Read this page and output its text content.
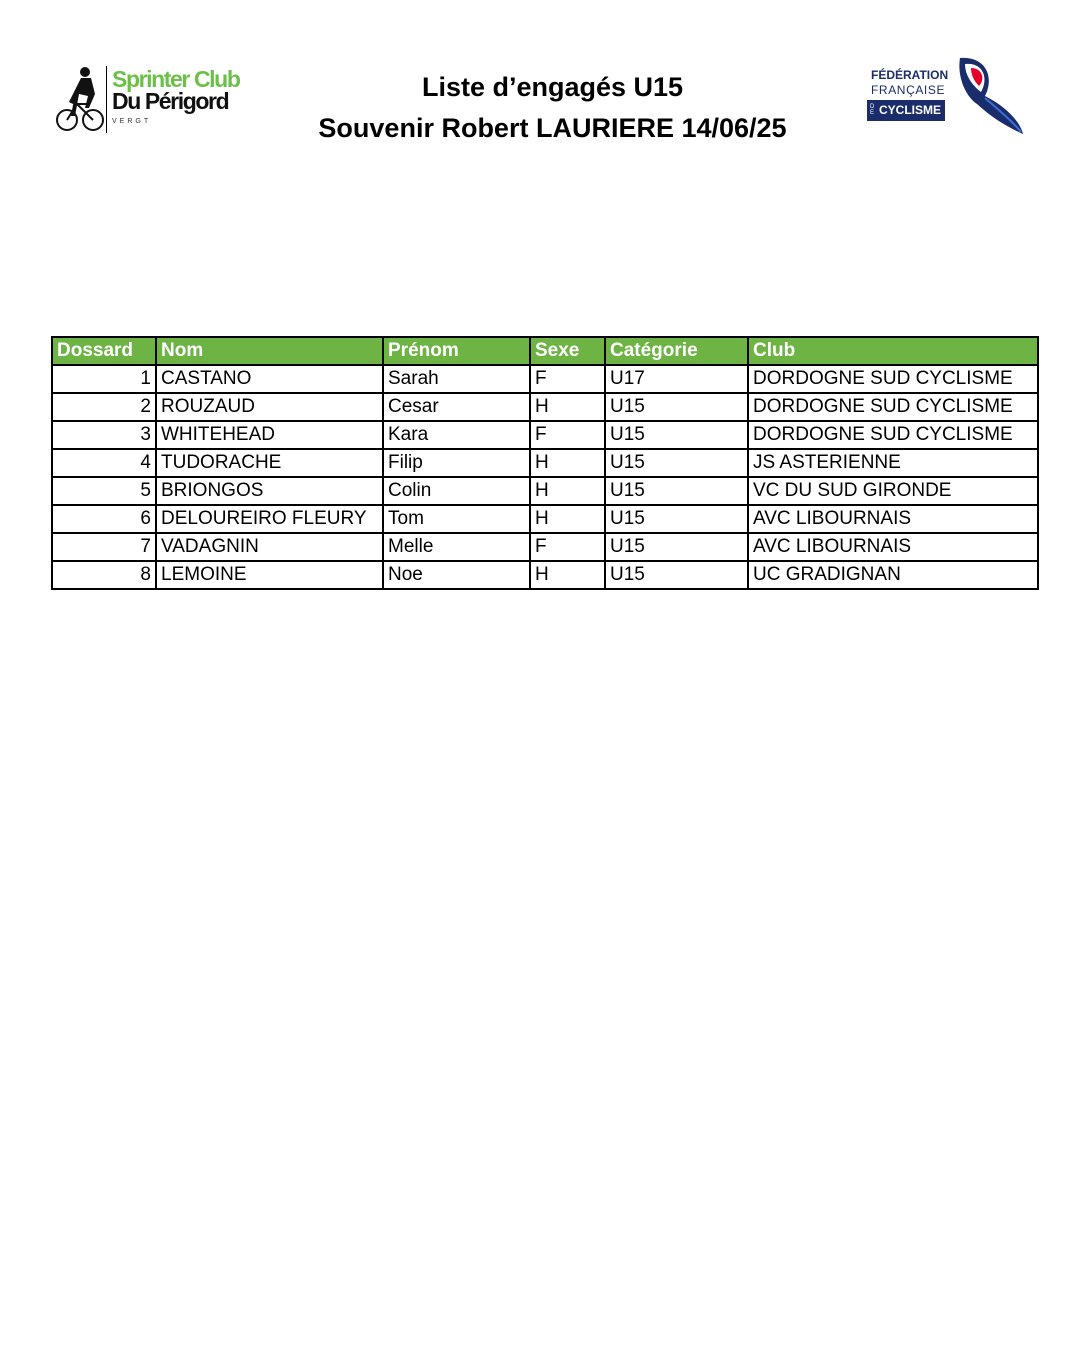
Sprinter Club
Du Périgord
VERGT
Liste d’engagés U15
Souvenir Robert LAURIERE 14/06/25
FÉDÉRATION
FRANÇAISE
DE CYCLISME
Dossard	Nom	Prénom	Sexe	Catégorie	Club
1	CASTANO	Sarah	F	U17	DORDOGNE SUD CYCLISME
2	ROUZAUD	Cesar	H	U15	DORDOGNE SUD CYCLISME
3	WHITEHEAD	Kara	F	U15	DORDOGNE SUD CYCLISME
4	TUDORACHE	Filip	H	U15	JS ASTERIENNE
5	BRIONGOS	Colin	H	U15	VC DU SUD GIRONDE
6	DELOUREIRO FLEURY	Tom	H	U15	AVC LIBOURNAIS
7	VADAGNIN	Melle	F	U15	AVC LIBOURNAIS
8	LEMOINE	Noe	H	U15	UC GRADIGNAN
